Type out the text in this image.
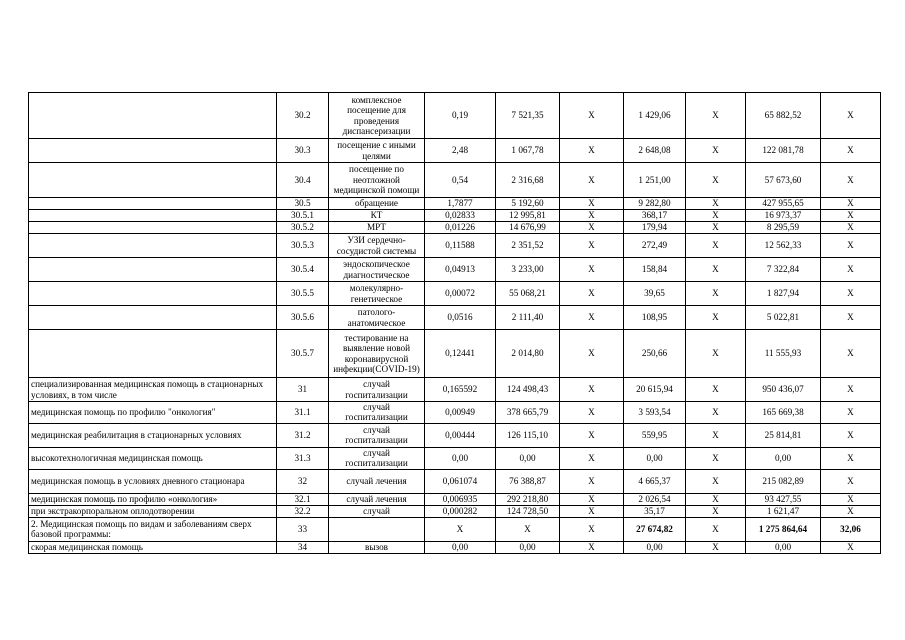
	30.2	комплексное посещение для проведения диспансеризации	0,19	7 521,35	X	1 429,06	X	65 882,52	X
	30.3	посещение с иными целями	2,48	1 067,78	X	2 648,08	X	122 081,78	X
	30.4	посещение по неотложной медицинской помощи	0,54	2 316,68	X	1 251,00	X	57 673,60	X
	30.5	обращение	1,7877	5 192,60	X	9 282,80	X	427 955,65	X
	30.5.1	КТ	0,02833	12 995,81	X	368,17	X	16 973,37	X
	30.5.2	МРТ	0,01226	14 676,99	X	179,94	X	8 295,59	X
	30.5.3	УЗИ сердечно-сосудистой системы	0,11588	2 351,52	X	272,49	X	12 562,33	X
	30.5.4	эндоскопическое диагностическое	0,04913	3 233,00	X	158,84	X	7 322,84	X
	30.5.5	молекулярно-генетическое	0,00072	55 068,21	X	39,65	X	1 827,94	X
	30.5.6	патолого-анатомическое	0,0516	2 111,40	X	108,95	X	5 022,81	X
	30.5.7	тестирование на выявление новой коронавирусной инфекции(COVID-19)	0,12441	2 014,80	X	250,66	X	11 555,93	X
специализированная медицинская помощь в стационарных условиях, в том числе	31	случай госпитализации	0,165592	124 498,43	X	20 615,94	X	950 436,07	X
медицинская помощь по профилю "онкология"	31.1	случай госпитализации	0,00949	378 665,79	X	3 593,54	X	165 669,38	X
медицинская реабилитация в стационарных условиях	31.2	случай госпитализации	0,00444	126 115,10	X	559,95	X	25 814,81	X
высокотехнологичная медицинская помощь	31.3	случай госпитализации	0,00	0,00	X	0,00	X	0,00	X
медицинская помощь в условиях дневного стационара	32	случай лечения	0,061074	76 388,87	X	4 665,37	X	215 082,89	X
медицинская помощь по профилю «онкология»	32.1	случай лечения	0,006935	292 218,80	X	2 026,54	X	93 427,55	X
при экстракорпоральном оплодотворении	32.2	случай	0,000282	124 728,50	X	35,17	X	1 621,47	X
2. Медицинская помощь по видам и заболеваниям сверх базовой программы:	33		X	X	X	27 674,82	X	1 275 864,64	32,06
скорая медицинская помощь	34	вызов	0,00	0,00	X	0,00	X	0,00	X
